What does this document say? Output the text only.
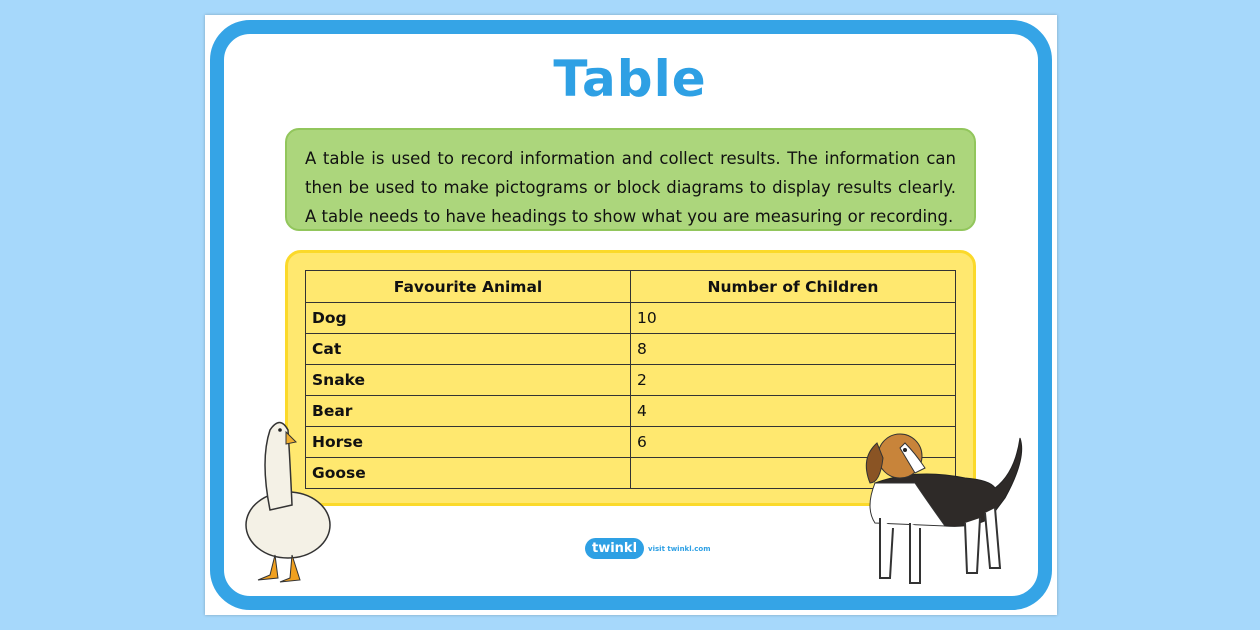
Table
A table is used to record information and collect results. The information can then be used to make pictograms or block diagrams to display results clearly. A table needs to have headings to show what you are measuring or recording.
Favourite Animal	Number of Children
Dog	10
Cat	8
Snake	2
Bear	4
Horse	6
Goose	
twinkl	visit twinkl.com
